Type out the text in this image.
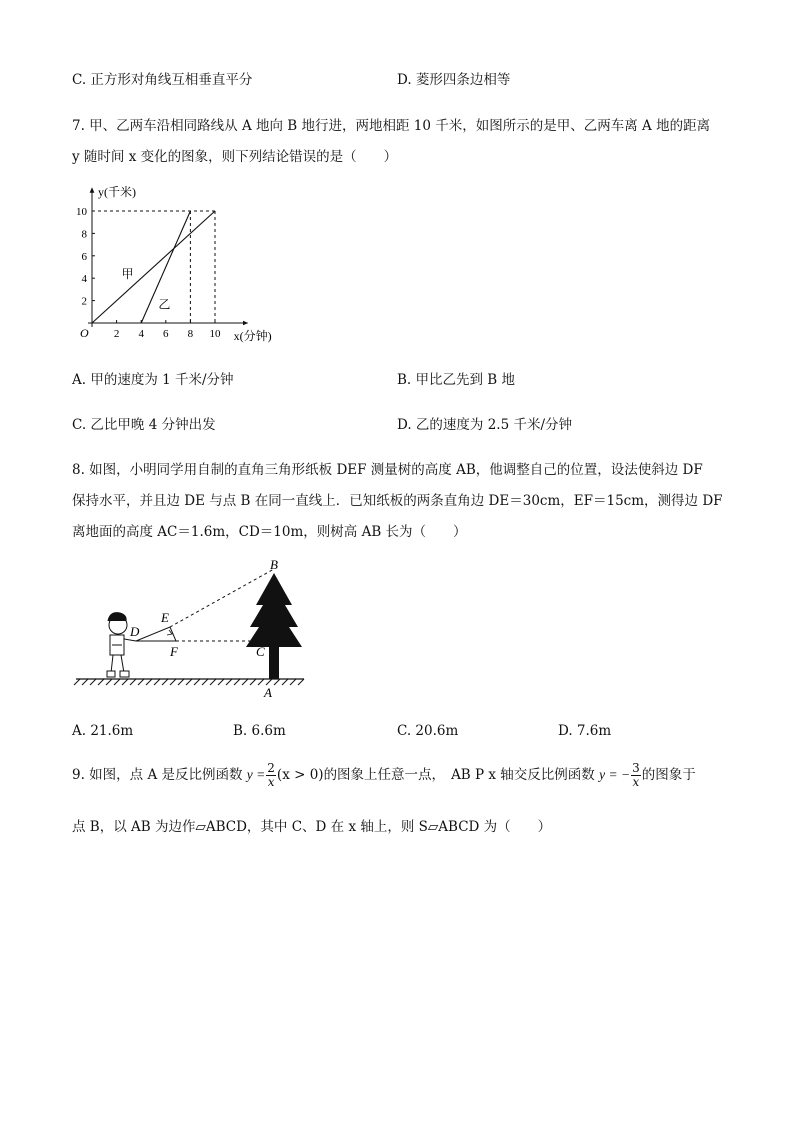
C. 正方形对角线互相垂直平分	D. 菱形四条边相等
7. 甲、乙两车沿相同路线从 A 地向 B 地行进，两地相距 10 千米，如图所示的是甲、乙两车离 A 地的距离
y 随时间 x 变化的图象，则下列结论错误的是（　　）
y(千米)
x(分钟)
O 2 4 6 8 10
2
4
6
8
10
甲
乙
A. 甲的速度为 1 千米/分钟	B. 甲比乙先到 B 地
C. 乙比甲晚 4 分钟出发	D. 乙的速度为 2.5 千米/分钟
8. 如图，小明同学用自制的直角三角形纸板 DEF 测量树的高度 AB，他调整自己的位置，设法使斜边 DF
保持水平，并且边 DE 与点 B 在同一直线上．已知纸板的两条直角边 DE＝30cm，EF＝15cm，测得边 DF
离地面的高度 AC＝1.6m，CD＝10m，则树高 AB 长为（　　）
B
E
D
F	C
A
A. 21.6m	B. 6.6m	C. 20.6m	D. 7.6m
9. 如图，点 A 是反比例函数 $y = \frac{2}{x} (x > 0)$的图象上任意一点， AB P x 轴交反比例函数 y = − $\frac{3}{x}$ 的图象于
点 B，以 AB 为边作▱ABCD，其中 C、D 在 x 轴上，则 S▱ABCD 为（　　）
